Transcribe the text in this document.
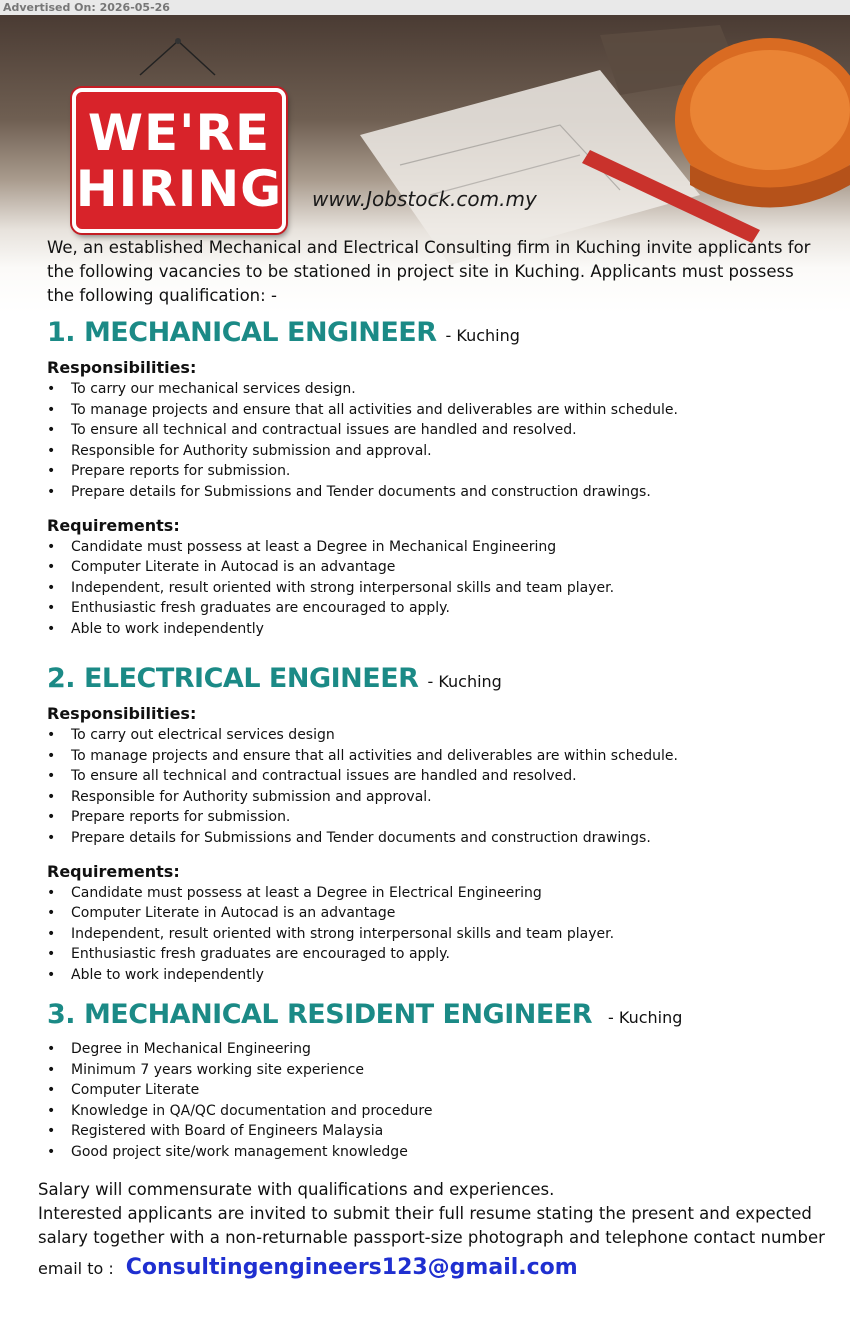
Advertised On: 2026-05-26
WE'RE
HIRING www.Jobstock.com.my
We, an established Mechanical and Electrical Consulting firm in Kuching invite applicants for the following vacancies to be stationed in project site in Kuching. Applicants must possess the following qualification: -
1. MECHANICAL ENGINEER - Kuching

Responsibilities:

• To carry our mechanical services design.
• To manage projects and ensure that all activities and deliverables are within schedule.
• To ensure all technical and contractual issues are handled and resolved.
• Responsible for Authority submission and approval.
• Prepare reports for submission.
• Prepare details for Submissions and Tender documents and construction drawings.

Requirements:

• Candidate must possess at least a Degree in Mechanical Engineering
• Computer Literate in Autocad is an advantage
• Independent, result oriented with strong interpersonal skills and team player.
• Enthusiastic fresh graduates are encouraged to apply.
• Able to work independently
2. ELECTRICAL ENGINEER - Kuching

Responsibilities:

• To carry out electrical services design
• To manage projects and ensure that all activities and deliverables are within schedule.
• To ensure all technical and contractual issues are handled and resolved.
• Responsible for Authority submission and approval.
• Prepare reports for submission.
• Prepare details for Submissions and Tender documents and construction drawings.

Requirements:

• Candidate must possess at least a Degree in Electrical Engineering
• Computer Literate in Autocad is an advantage
• Independent, result oriented with strong interpersonal skills and team player.
• Enthusiastic fresh graduates are encouraged to apply.
• Able to work independently
3. MECHANICAL RESIDENT ENGINEER - Kuching
• Degree in Mechanical Engineering
• Minimum 7 years working site experience
• Computer Literate
• Knowledge in QA/QC documentation and procedure
• Registered with Board of Engineers Malaysia
• Good project site/work management knowledge
Salary will commensurate with qualifications and experiences.
Interested applicants are invited to submit their full resume stating the present and expected salary together with a non-returnable passport-size photograph and telephone contact number
email to : Consultingengineers123@gmail.com
